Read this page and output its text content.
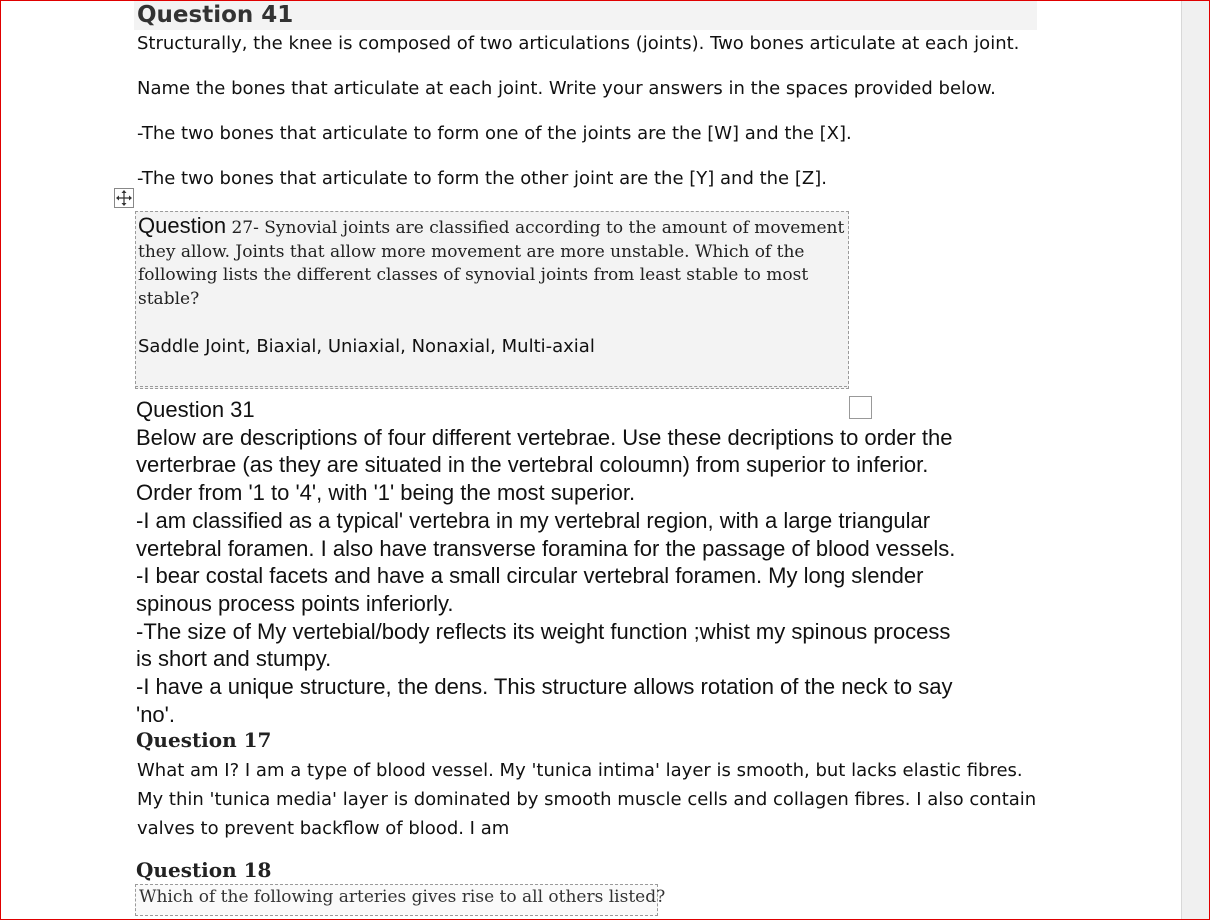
Question 41
Structurally, the knee is composed of two articulations (joints). Two bones articulate at each joint.
Name the bones that articulate at each joint. Write your answers in the spaces provided below.
-The two bones that articulate to form one of the joints are the [W] and the [X].
-The two bones that articulate to form the other joint are the [Y] and the [Z].
Question 27- Synovial joints are classified according to the amount of movement they allow. Joints that allow more movement are more unstable. Which of the following lists the different classes of synovial joints from least stable to most stable?
Saddle Joint, Biaxial, Uniaxial, Nonaxial, Multi-axial
Question 31
Below are descriptions of four different vertebrae. Use these decriptions to order the
verterbrae (as they are situated in the vertebral coloumn) from superior to inferior.
Order from '1 to '4', with '1' being the most superior.
-I am classified as a typical' vertebra in my vertebral region, with a large triangular
vertebral foramen. I also have transverse foramina for the passage of blood vessels.
-I bear costal facets and have a small circular vertebral foramen. My long slender
spinous process points inferiorly.
-The size of My vertebial/body reflects its weight function ;whist my spinous process
is short and stumpy.
-I have a unique structure, the dens. This structure allows rotation of the neck to say
'no'.
Question 17
What am I? I am a type of blood vessel. My 'tunica intima' layer is smooth, but lacks elastic fibres.
My thin 'tunica media' layer is dominated by smooth muscle cells and collagen fibres. I also contain
valves to prevent backflow of blood. I am
Question 18
Which of the following arteries gives rise to all others listed?
